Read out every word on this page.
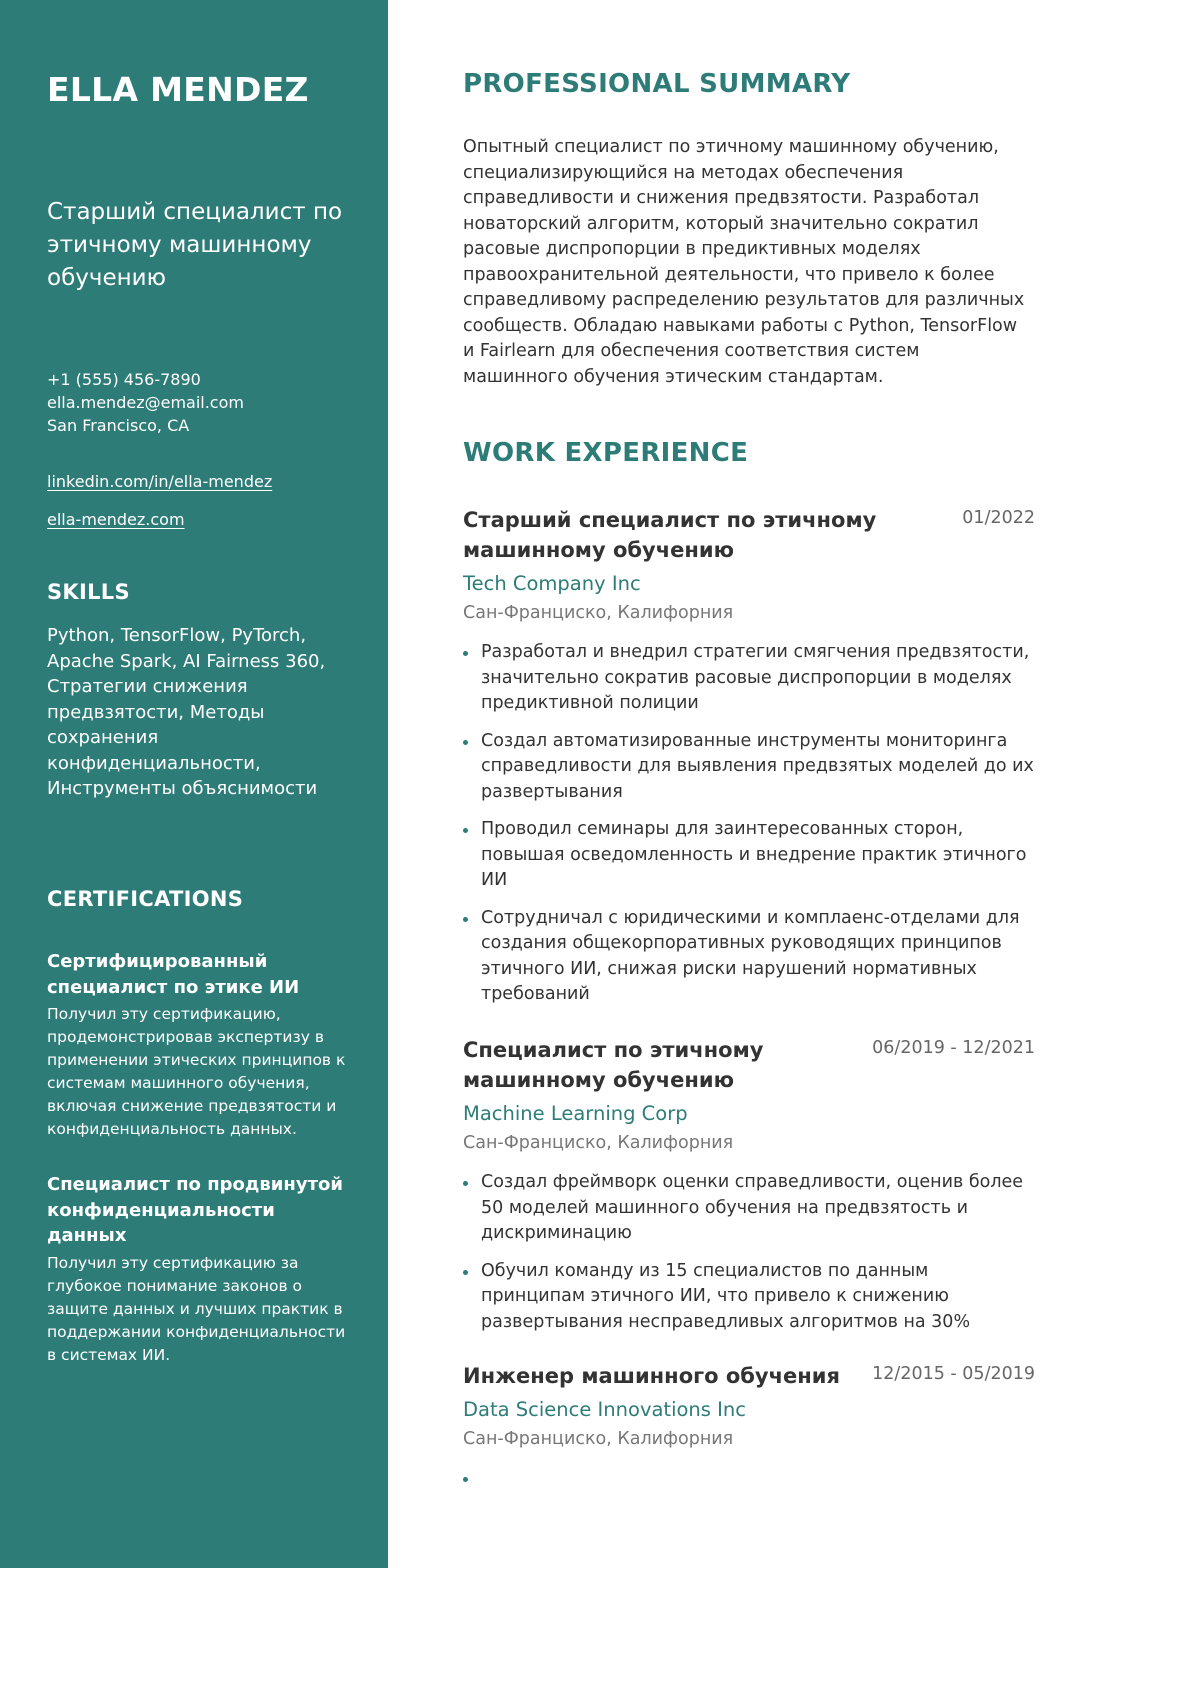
ELLA MENDEZ

Старший специалист по этичному машинному обучению

+1 (555) 456-7890
ella.mendez@email.com
San Francisco, CA
linkedin.com/in/ella-mendez
ella-mendez.com
SKILLS
Python, TensorFlow, PyTorch, Apache Spark, AI Fairness 360, Стратегии снижения предвзятости, Методы сохранения конфиденциальности, Инструменты объяснимости
CERTIFICATIONS
Сертифицированный специалист по этике ИИ
Получил эту сертификацию, продемонстрировав экспертизу в применении этических принципов к системам машинного обучения, включая снижение предвзятости и конфиденциальность данных.
Специалист по продвинутой конфиденциальности данных
Получил эту сертификацию за глубокое понимание законов о защите данных и лучших практик в поддержании конфиденциальности в системах ИИ.
PROFESSIONAL SUMMARY

Опытный специалист по этичному машинному обучению, специализирующийся на методах обеспечения справедливости и снижения предвзятости. Разработал новаторский алгоритм, который значительно сократил расовые диспропорции в предиктивных моделях правоохранительной деятельности, что привело к более справедливому распределению результатов для различных сообществ. Обладаю навыками работы с Python, TensorFlow и Fairlearn для обеспечения соответствия систем машинного обучения этическим стандартам.

WORK EXPERIENCE
Старший специалист по этичному машинному обучению
01/2022
Tech Company Inc
Сан-Франциско, Калифорния
Разработал и внедрил стратегии смягчения предвзятости, значительно сократив расовые диспропорции в моделях предиктивной полиции
Создал автоматизированные инструменты мониторинга справедливости для выявления предвзятых моделей до их развертывания
Проводил семинары для заинтересованных сторон, повышая осведомленность и внедрение практик этичного ИИ
Сотрудничал с юридическими и комплаенс-отделами для создания общекорпоративных руководящих принципов этичного ИИ, снижая риски нарушений нормативных требований
Специалист по этичному машинному обучению
06/2019 - 12/2021
Machine Learning Corp
Сан-Франциско, Калифорния
Создал фреймворк оценки справедливости, оценив более 50 моделей машинного обучения на предвзятость и дискриминацию
Обучил команду из 15 специалистов по данным принципам этичного ИИ, что привело к снижению развертывания несправедливых алгоритмов на 30%
Инженер машинного обучения	12/2015 - 05/2019
Data Science Innovations Inc
Сан-Франциско, Калифорния
